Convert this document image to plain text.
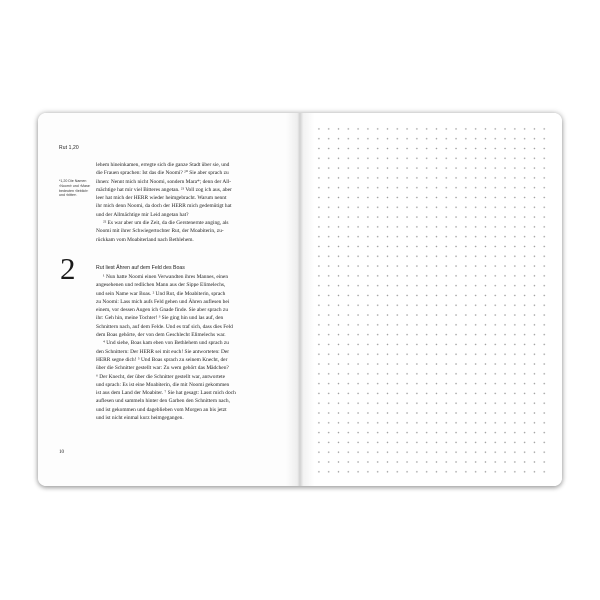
Rut 1,20
*1,20 Die Namen ›Noomi‹ und ›Mara‹ bedeuten ›lieblich‹ und ›bitter‹.
lehem hineinkamen, erregte sich die ganze Stadt über sie, und
die Frauen sprachen: Ist das die Noomi? ²⁰ Sie aber sprach zu
ihnen: Nennt mich nicht Noomi, sondern Mara*; denn der All-
mächtige hat mir viel Bitteres angetan. ²¹ Voll zog ich aus, aber
leer hat mich der HERR wieder heimgebracht. Warum nennt
ihr mich denn Noomi, da doch der HERR mich gedemütigt hat
und der Allmächtige mir Leid angetan hat?
²² Es war aber um die Zeit, da die Gerstenernte anging, als
Noomi mit ihrer Schwiegertochter Rut, der Moabiterin, zu-
rückkam vom Moabiterland nach Bethlehem.
2	Rut liest Ähren auf dem Feld des Boas
¹ Nun hatte Noomi einen Verwandten ihres Mannes, einen
angesehenen und redlichen Mann aus der Sippe Elimelechs,
und sein Name war Boas. ² Und Rut, die Moabiterin, sprach
zu Noomi: Lass mich aufs Feld gehen und Ähren auflesen bei
einem, vor dessen Augen ich Gnade finde. Sie aber sprach zu
ihr: Geh hin, meine Tochter! ³ Sie ging hin und las auf, den
Schnittern nach, auf dem Felde. Und es traf sich, dass dies Feld
dem Boas gehörte, der von dem Geschlecht Elimelechs war.
⁴ Und siehe, Boas kam eben von Bethlehem und sprach zu
den Schnittern: Der HERR sei mit euch! Sie antworteten: Der
HERR segne dich! ⁵ Und Boas sprach zu seinem Knecht, der
über die Schnitter gestellt war: Zu wem gehört das Mädchen?
⁶ Der Knecht, der über die Schnitter gestellt war, antwortete
und sprach: Es ist eine Moabiterin, die mit Noomi gekommen
ist aus dem Land der Moabiter. ⁷ Sie hat gesagt: Lasst mich doch
auflesen und sammeln hinter den Garben den Schnittern nach,
und ist gekommen und dageblieben vom Morgen an bis jetzt
und ist nicht einmal kurz heimgegangen.
10
